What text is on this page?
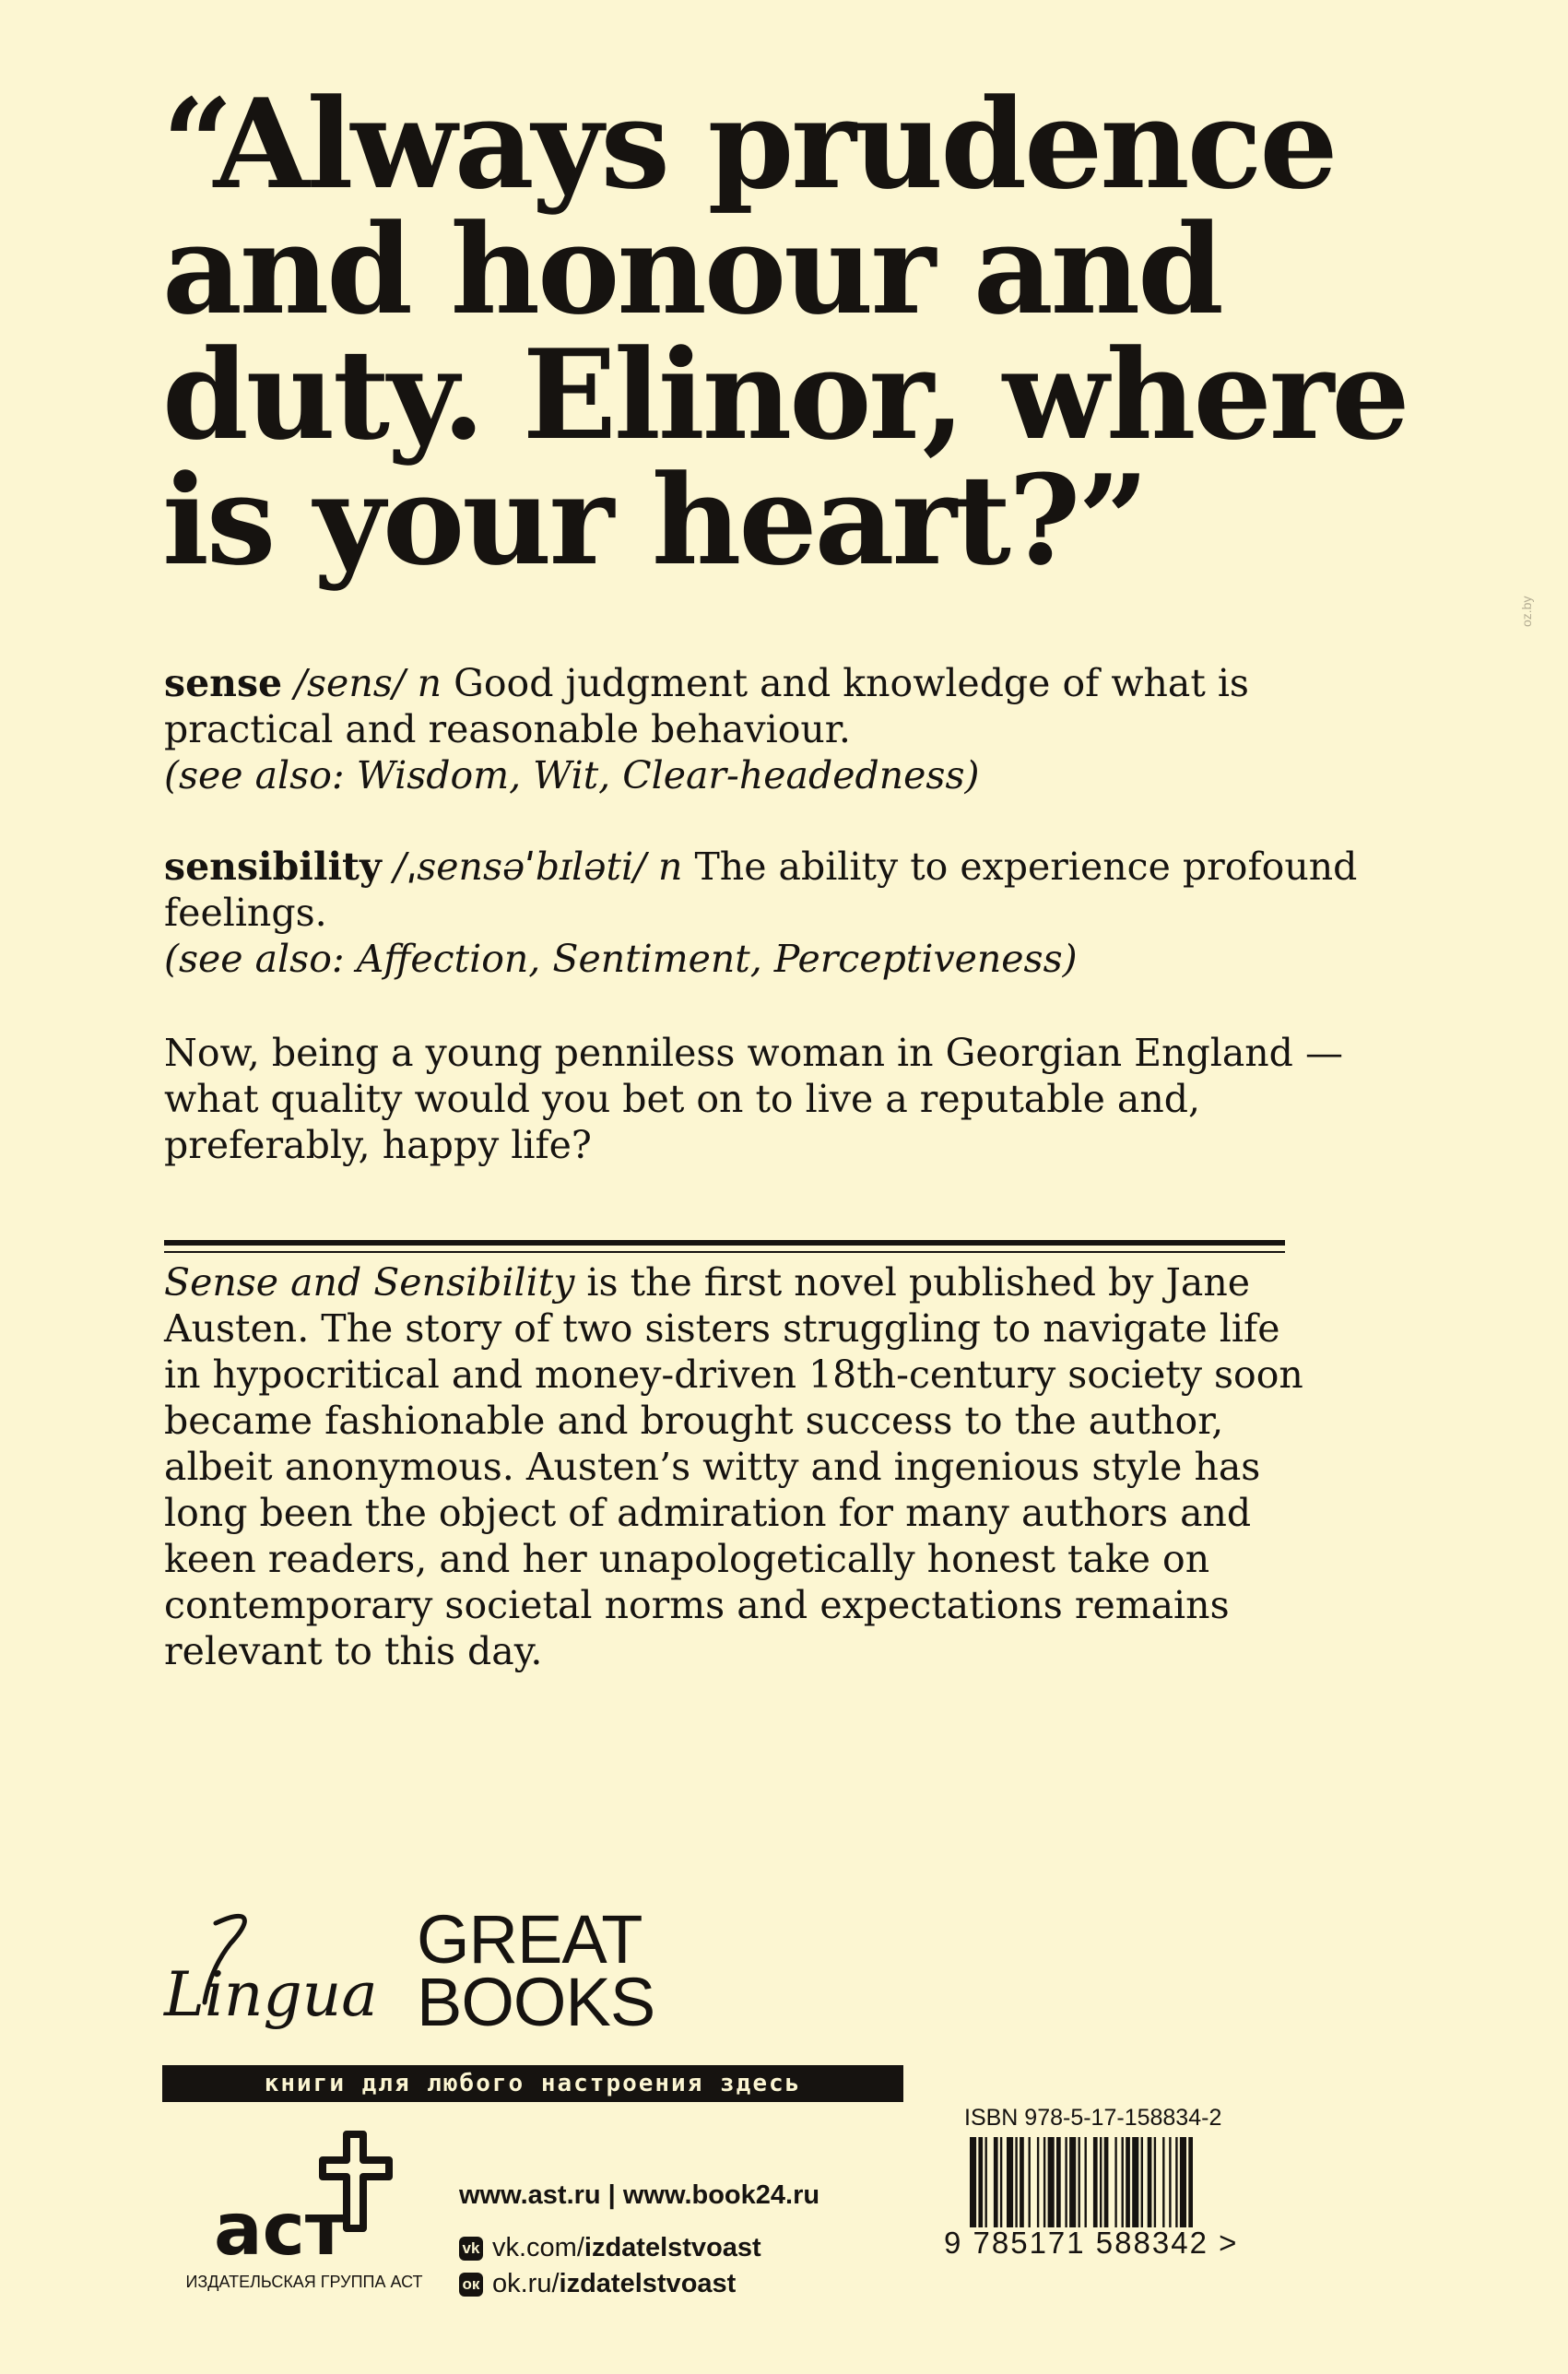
“Always prudence
and honour and
duty. Elinor, where
is your heart?”

sense /sens/ n Good judgment and knowledge of what is practical and reasonable behaviour.
(see also: Wisdom, Wit, Clear-headedness)

sensibility /ˌsensəˈbɪləti/ n The ability to experience profound feelings.
(see also: Affection, Sentiment, Perceptiveness)

Now, being a young penniless woman in Georgian England — what quality would you bet on to live a reputable and, preferably, happy life?

Sense and Sensibility is the first novel published by Jane Austen. The story of two sisters struggling to navigate life in hypocritical and money-driven 18th-century society soon became fashionable and brought success to the author, albeit anonymous. Austen’s witty and ingenious style has long been the object of admiration for many authors and keen readers, and her unapologetically honest take on contemporary societal norms and expectations remains relevant to this day.

Lingua
GREAT
BOOKS
книги для любого настроения здесь
аст
ИЗДАТЕЛЬСКАЯ ГРУППА АСТ
www.ast.ru | www.book24.ru
vk vk.com/ izdatelstvoast
ок ok.ru/ izdatelstvoast
ISBN 978-5-17-158834-2
9 785171 588342 >
oz.by
